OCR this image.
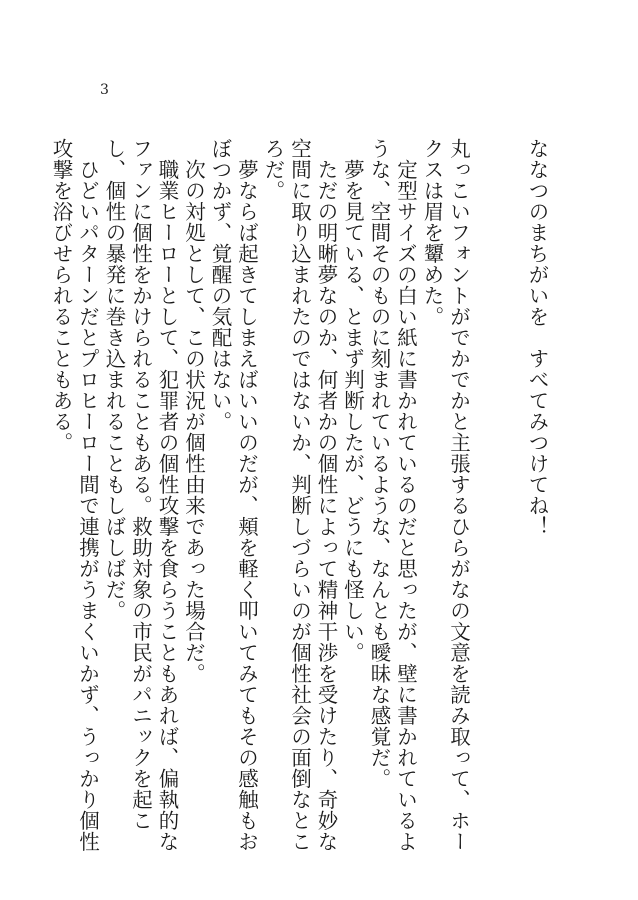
3

ななつのまちがいを　すべてみつけてね！

丸っこいフォントがでかでかと主張するひらがなの文意を読み取って、ホークスは眉を顰めた。

定型サイズの白い紙に書かれているのだと思ったが、壁に書かれているような、空間そのものに刻まれているような、なんとも曖昧な感覚だ。

夢を見ている、とまず判断したが、どうにも怪しい。

ただの明晰夢なのか、何者かの個性によって精神干渉を受けたり、奇妙な空間に取り込まれたのではないか、判断しづらいのが個性社会の面倒なところだ。

夢ならば起きてしまえばいいのだが、頬を軽く叩いてみてもその感触もおぼつかず、覚醒の気配はない。

次の対処として、この状況が個性由来であった場合だ。

職業ヒーローとして、犯罪者の個性攻撃を食らうこともあれば、偏執的なファンに個性をかけられることもある。救助対象の市民がパニックを起こし、個性の暴発に巻き込まれることもしばしばだ。

ひどいパターンだとプロヒーロー間で連携がうまくいかず、うっかり個性攻撃を浴びせられることもある。
